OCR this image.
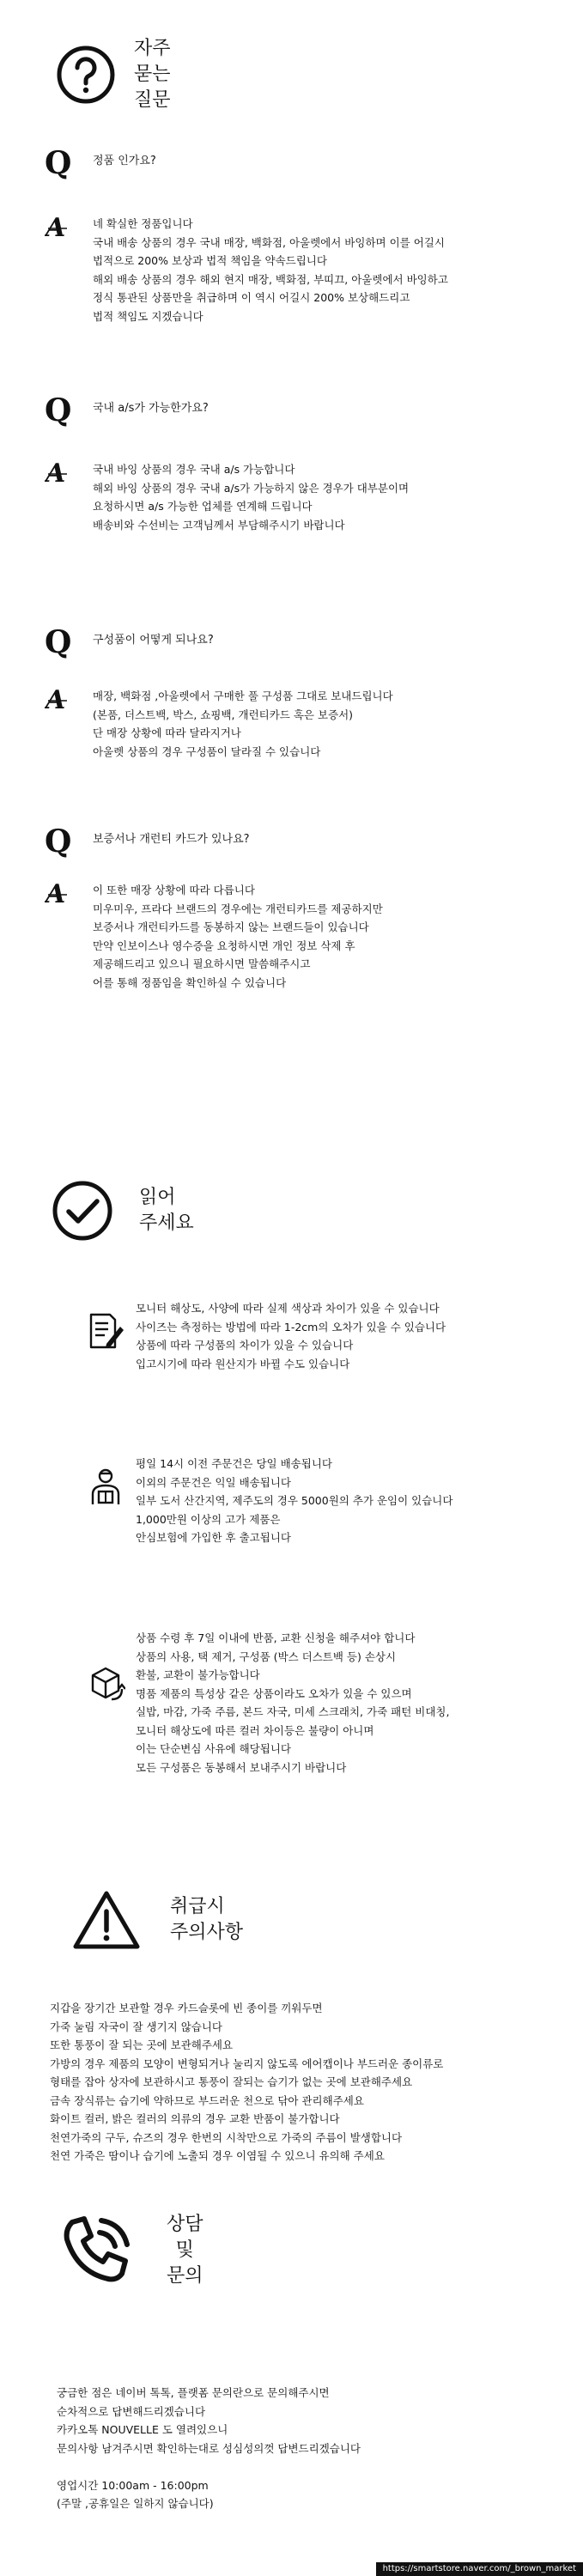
자주
묻는
질문
Q 정품 인가요?
A	네 확실한 정품입니다
국내 배송 상품의 경우 국내 매장, 백화점, 아울렛에서 바잉하며 이를 어길시
법적으로 200% 보상과 법적 책임을 약속드립니다
해외 배송 상품의 경우 해외 현지 매장, 백화점, 부띠끄, 아울렛에서 바잉하고
정식 통관된 상품만을 취급하며 이 역시 어길시 200% 보상해드리고
법적 책임도 지겠습니다
Q 국내 a/s가 가능한가요?
A	국내 바잉 상품의 경우 국내 a/s 가능합니다
해외 바잉 상품의 경우 국내 a/s가 가능하지 않은 경우가 대부분이며
요청하시면 a/s 가능한 업체를 연계해 드립니다
배송비와 수선비는 고객님께서 부담해주시기 바랍니다
Q 구성품이 어떻게 되나요?
A	매장, 백화점 ,아울렛에서 구매한 풀 구성품 그대로 보내드립니다
(본품, 더스트백, 박스, 쇼핑백, 개런티카드 혹은 보증서)
단 매장 상황에 따라 달라지거나
아울렛 상품의 경우 구성품이 달라질 수 있습니다
Q 보증서나 개런티 카드가 있나요?
A	이 또한 매장 상황에 따라 다릅니다
미우미우, 프라다 브랜드의 경우에는 개런티카드를 제공하지만
보증서나 개런티카드를 동봉하지 않는 브랜드들이 있습니다
만약 인보이스나 영수증을 요청하시면 개인 정보 삭제 후
제공해드리고 있으니 필요하시면 말씀해주시고
어를 통해 정품임을 확인하실 수 있습니다
읽어
주세요
모니터 해상도, 사양에 따라 실제 색상과 차이가 있을 수 있습니다
사이즈는 측정하는 방법에 따라 1-2cm의 오차가 있을 수 있습니다
상품에 따라 구성품의 차이가 있을 수 있습니다
입고시기에 따라 원산지가 바뀔 수도 있습니다
평일 14시 이전 주문건은 당일 배송됩니다
이외의 주문건은 익일 배송됩니다
일부 도서 산간지역, 제주도의 경우 5000원의 추가 운임이 있습니다
1,000만원 이상의 고가 제품은
안심보험에 가입한 후 출고됩니다
상품 수령 후 7일 이내에 반품, 교환 신청을 해주셔야 합니다
상품의 사용, 택 제거, 구성품 (박스 더스트백 등) 손상시
환불, 교환이 불가능합니다
명품 제품의 특성상 같은 상품이라도 오차가 있을 수 있으며
실밥, 마감, 가죽 주름, 본드 자국, 미세 스크래치, 가죽 패턴 비대칭,
모니터 해상도에 따른 컬러 차이등은 불량이 아니며
이는 단순변심 사유에 해당됩니다
모든 구성품은 동봉해서 보내주시기 바랍니다
취급시
주의사항
지갑을 장기간 보관할 경우 카드슬롯에 빈 종이를 끼워두면
가죽 눌림 자국이 잘 생기지 않습니다
또한 통풍이 잘 되는 곳에 보관해주세요
가방의 경우 제품의 모양이 변형되거나 눌리지 않도록 에어캡이나 부드러운 종이류로
형태를 잡아 상자에 보관하시고 통풍이 잘되는 습기가 없는 곳에 보관해주세요
금속 장식류는 습기에 약하므로 부드러운 천으로 닦아 관리해주세요
화이트 컬러, 밝은 컬러의 의류의 경우 교환 반품이 불가합니다
천연가죽의 구두, 슈즈의 경우 한번의 시착만으로 가죽의 주름이 발생합니다
천연 가죽은 땀이나 습기에 노출되 경우 이염될 수 있으니 유의해 주세요
상담
및
문의
궁금한 점은 네이버 톡톡, 플랫폼 문의란으로 문의해주시면
순차적으로 답변해드리겠습니다
카카오톡 NOUVELLE 도 열려있으니
문의사항 남겨주시면 확인하는대로 성심성의껏 답변드리겠습니다
영업시간 10:00am - 16:00pm
(주말 ,공휴일은 일하지 않습니다)
https://smartstore.naver.com/_brown_market
